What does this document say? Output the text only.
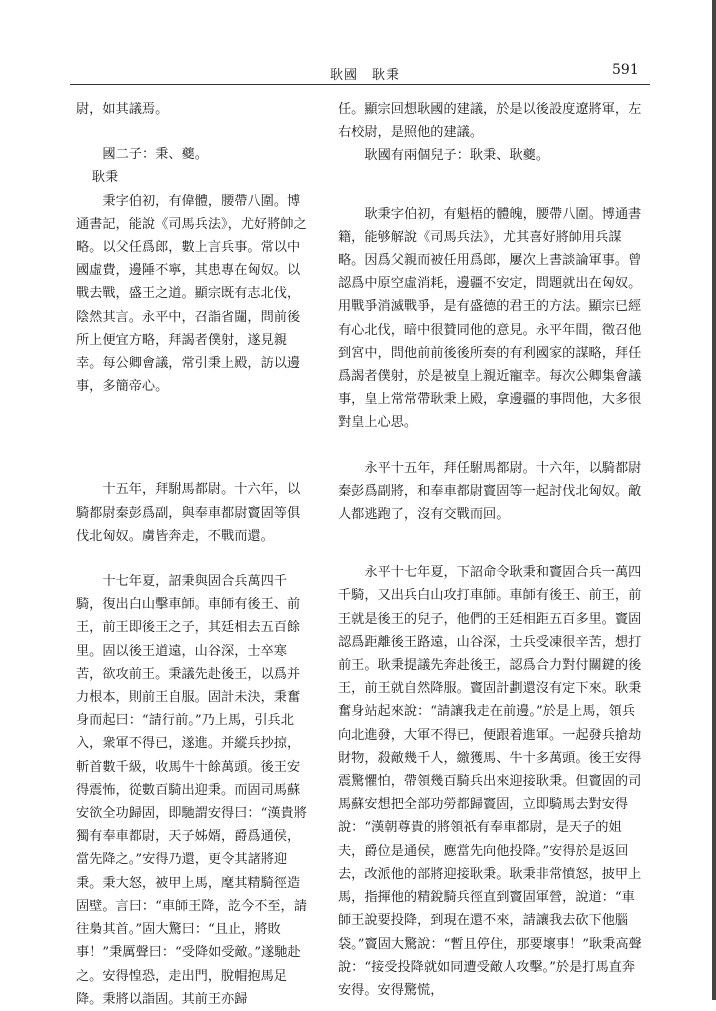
耿國　耿秉	591

尉，如其議焉。

國二子：秉、夔。

耿秉

秉字伯初，有偉體，腰帶八圍。博通書記，能說《司馬兵法》，尤好將帥之略。以父任爲郎，數上言兵事。常以中國虛費，邊陲不寧，其患專在匈奴。以戰去戰，盛王之道。顯宗既有志北伐，陰然其言。永平中，召詣省闥，問前後所上便宜方略，拜謁者僕射，遂見親幸。每公卿會議，常引秉上殿，訪以邊事，多簡帝心。

十五年，拜駙馬都尉。十六年，以騎都尉秦彭爲副，與奉車都尉竇固等俱伐北匈奴。虜皆奔走，不戰而還。

十七年夏，詔秉與固合兵萬四千騎，復出白山擊車師。車師有後王、前王，前王即後王之子，其廷相去五百餘里。固以後王道遠，山谷深，士卒寒苦，欲攻前王。秉議先赴後王，以爲并力根本，則前王自服。固計未決，秉奮身而起曰：“請行前。”乃上馬，引兵北入，衆軍不得已，遂進。并縱兵抄掠，斬首數千級，收馬牛十餘萬頭。後王安得震怖，從數百騎出迎秉。而固司馬蘇安欲全功歸固，即馳謂安得曰：“漢貴將獨有奉車都尉，天子姊婿，爵爲通侯，當先降之。”安得乃還，更令其諸將迎秉。秉大怒，被甲上馬，麾其精騎徑造固壁。言曰：“車師王降，訖今不至，請往梟其首。”固大驚曰：“且止，將敗事！”秉厲聲曰：“受降如受敵。”遂馳赴之。安得惶恐，走出門，脫帽抱馬足降。秉將以詣固。其前王亦歸

任。顯宗回想耿國的建議，於是以後設度遼將軍，左右校尉，是照他的建議。

耿國有兩個兒子：耿秉、耿夔。

耿秉字伯初，有魁梧的體魄，腰帶八圍。博通書籍，能够解說《司馬兵法》，尤其喜好將帥用兵謀略。因爲父親而被任用爲郎，屢次上書談論軍事。曾認爲中原空虛消耗，邊疆不安定，問題就出在匈奴。用戰爭消滅戰爭，是有盛德的君王的方法。顯宗已經有心北伐，暗中很贊同他的意見。永平年間，徵召他到宮中，問他前前後後所奏的有利國家的謀略，拜任爲謁者僕射，於是被皇上親近寵幸。每次公卿集會議事，皇上常常帶耿秉上殿，拿邊疆的事問他，大多很對皇上心思。

永平十五年，拜任駙馬都尉。十六年，以騎都尉秦彭爲副將，和奉車都尉竇固等一起討伐北匈奴。敵人都逃跑了，沒有交戰而回。

永平十七年夏，下詔命令耿秉和竇固合兵一萬四千騎，又出兵白山攻打車師。車師有後王、前王，前王就是後王的兒子，他們的王廷相距五百多里。竇固認爲距離後王路遠，山谷深，士兵受凍很辛苦，想打前王。耿秉提議先奔赴後王，認爲合力對付關鍵的後王，前王就自然降服。竇固計劃還沒有定下來。耿秉奮身站起來說：“請讓我走在前邊。”於是上馬，領兵向北進發，大軍不得已，便跟着進軍。一起發兵搶劫財物，殺敵幾千人，繳獲馬、牛十多萬頭。後王安得震驚懼怕，帶領幾百騎兵出來迎接耿秉。但竇固的司馬蘇安想把全部功勞都歸竇固，立即騎馬去對安得說：“漢朝尊貴的將領祇有奉車都尉，是天子的姐夫，爵位是通侯，應當先向他投降。”安得於是返回去，改派他的部將迎接耿秉。耿秉非常憤怒，披甲上馬，指揮他的精銳騎兵徑直到竇固軍營，說道：“車師王說要投降，到現在還不來，請讓我去砍下他腦袋。”竇固大驚說：“暫且停住，那要壞事！”耿秉高聲說：“接受投降就如同遭受敵人攻擊。”於是打馬直奔安得。安得驚慌，
